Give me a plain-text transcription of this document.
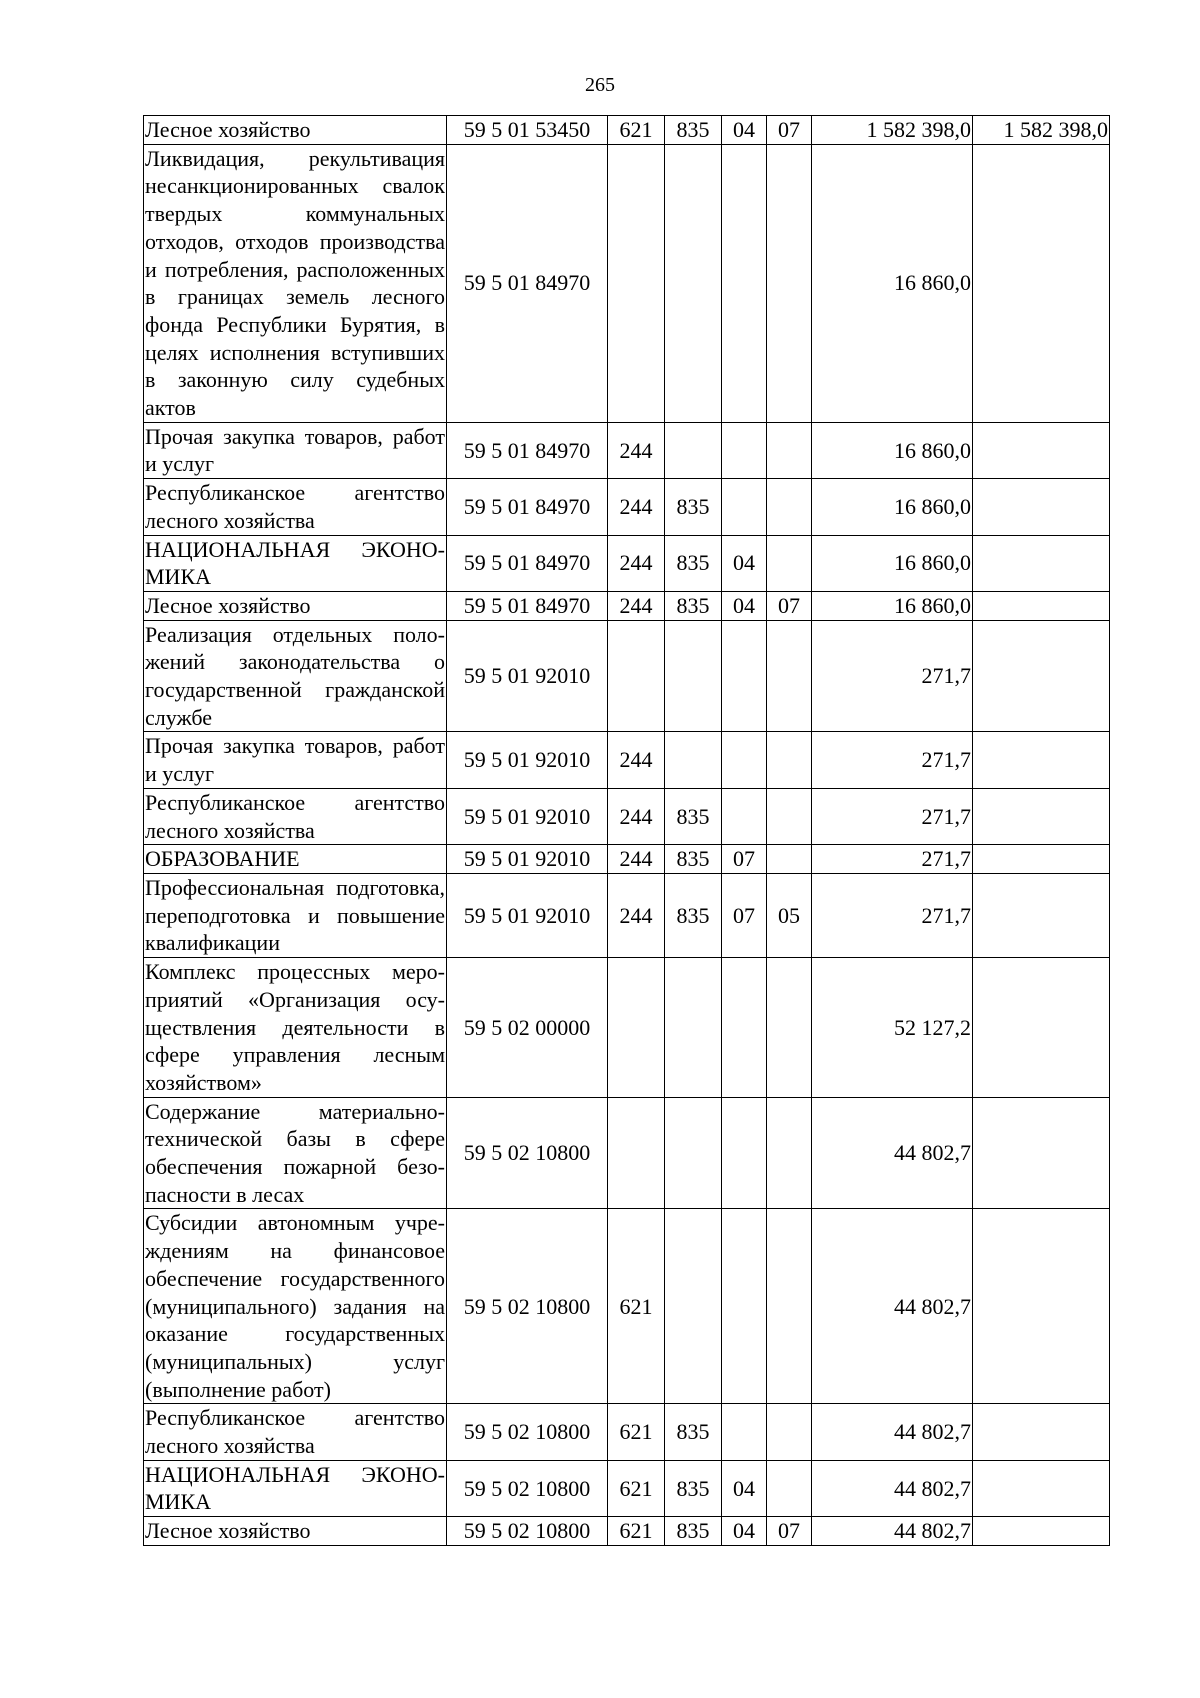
265
Лесное хозяйство	59 5 01 53450	621	835	04	07	1 582 398,0	1 582 398,0
Ликвидация, рекультивация несанкционированных свалок твердых коммунальных отходов, отходов производства и потребления, расположенных в границах земель лесного фонда Республики Бурятия, в целях исполнения вступивших в законную силу судебных актов	59 5 01 84970					16 860,0	
Прочая закупка товаров, работ и услуг	59 5 01 84970	244				16 860,0	
Республиканское агентство лесного хозяйства	59 5 01 84970	244	835			16 860,0	
НАЦИОНАЛЬНАЯ ЭКОНОМИКА	59 5 01 84970	244	835	04		16 860,0	
Лесное хозяйство	59 5 01 84970	244	835	04	07	16 860,0	
Реализация отдельных положений законодательства о государственной гражданской службе	59 5 01 92010					271,7	
Прочая закупка товаров, работ и услуг	59 5 01 92010	244				271,7	
Республиканское агентство лесного хозяйства	59 5 01 92010	244	835			271,7	
ОБРАЗОВАНИЕ	59 5 01 92010	244	835	07		271,7	
Профессиональная подготовка, переподготовка и повышение квалификации	59 5 01 92010	244	835	07	05	271,7	
Комплекс процессных мероприятий «Организация осуществления деятельности в сфере управления лесным хозяйством»	59 5 02 00000					52 127,2	
Содержание материально-технической базы в сфере обеспечения пожарной безопасности в лесах	59 5 02 10800					44 802,7	
Субсидии автономным учреждениям на финансовое обеспечение государственного (муниципального) задания на оказание государственных (муниципальных) услуг (выполнение работ)	59 5 02 10800	621				44 802,7	
Республиканское агентство лесного хозяйства	59 5 02 10800	621	835			44 802,7	
НАЦИОНАЛЬНАЯ ЭКОНОМИКА	59 5 02 10800	621	835	04		44 802,7	
Лесное хозяйство	59 5 02 10800	621	835	04	07	44 802,7	
